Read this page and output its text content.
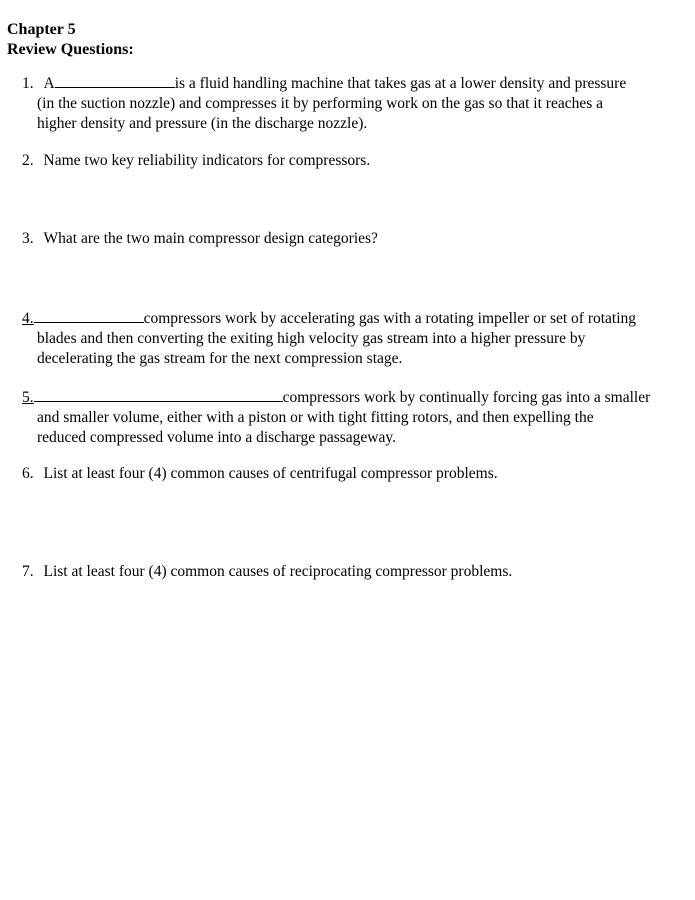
Chapter 5
Review Questions:
1. A	is a fluid handling machine that takes gas at a lower density and pressure
(in the suction nozzle) and compresses it by performing work on the gas so that it reaches a
higher density and pressure (in the discharge nozzle).
2. Name two key reliability indicators for compressors.
3. What are the two main compressor design categories?
4.	compressors work by accelerating gas with a rotating impeller or set of rotating
blades and then converting the exiting high velocity gas stream into a higher pressure by
decelerating the gas stream for the next compression stage.
5.	compressors work by continually forcing gas into a smaller
and smaller volume, either with a piston or with tight fitting rotors, and then expelling the
reduced compressed volume into a discharge passageway.
6. List at least four (4) common causes of centrifugal compressor problems.
7. List at least four (4) common causes of reciprocating compressor problems.
